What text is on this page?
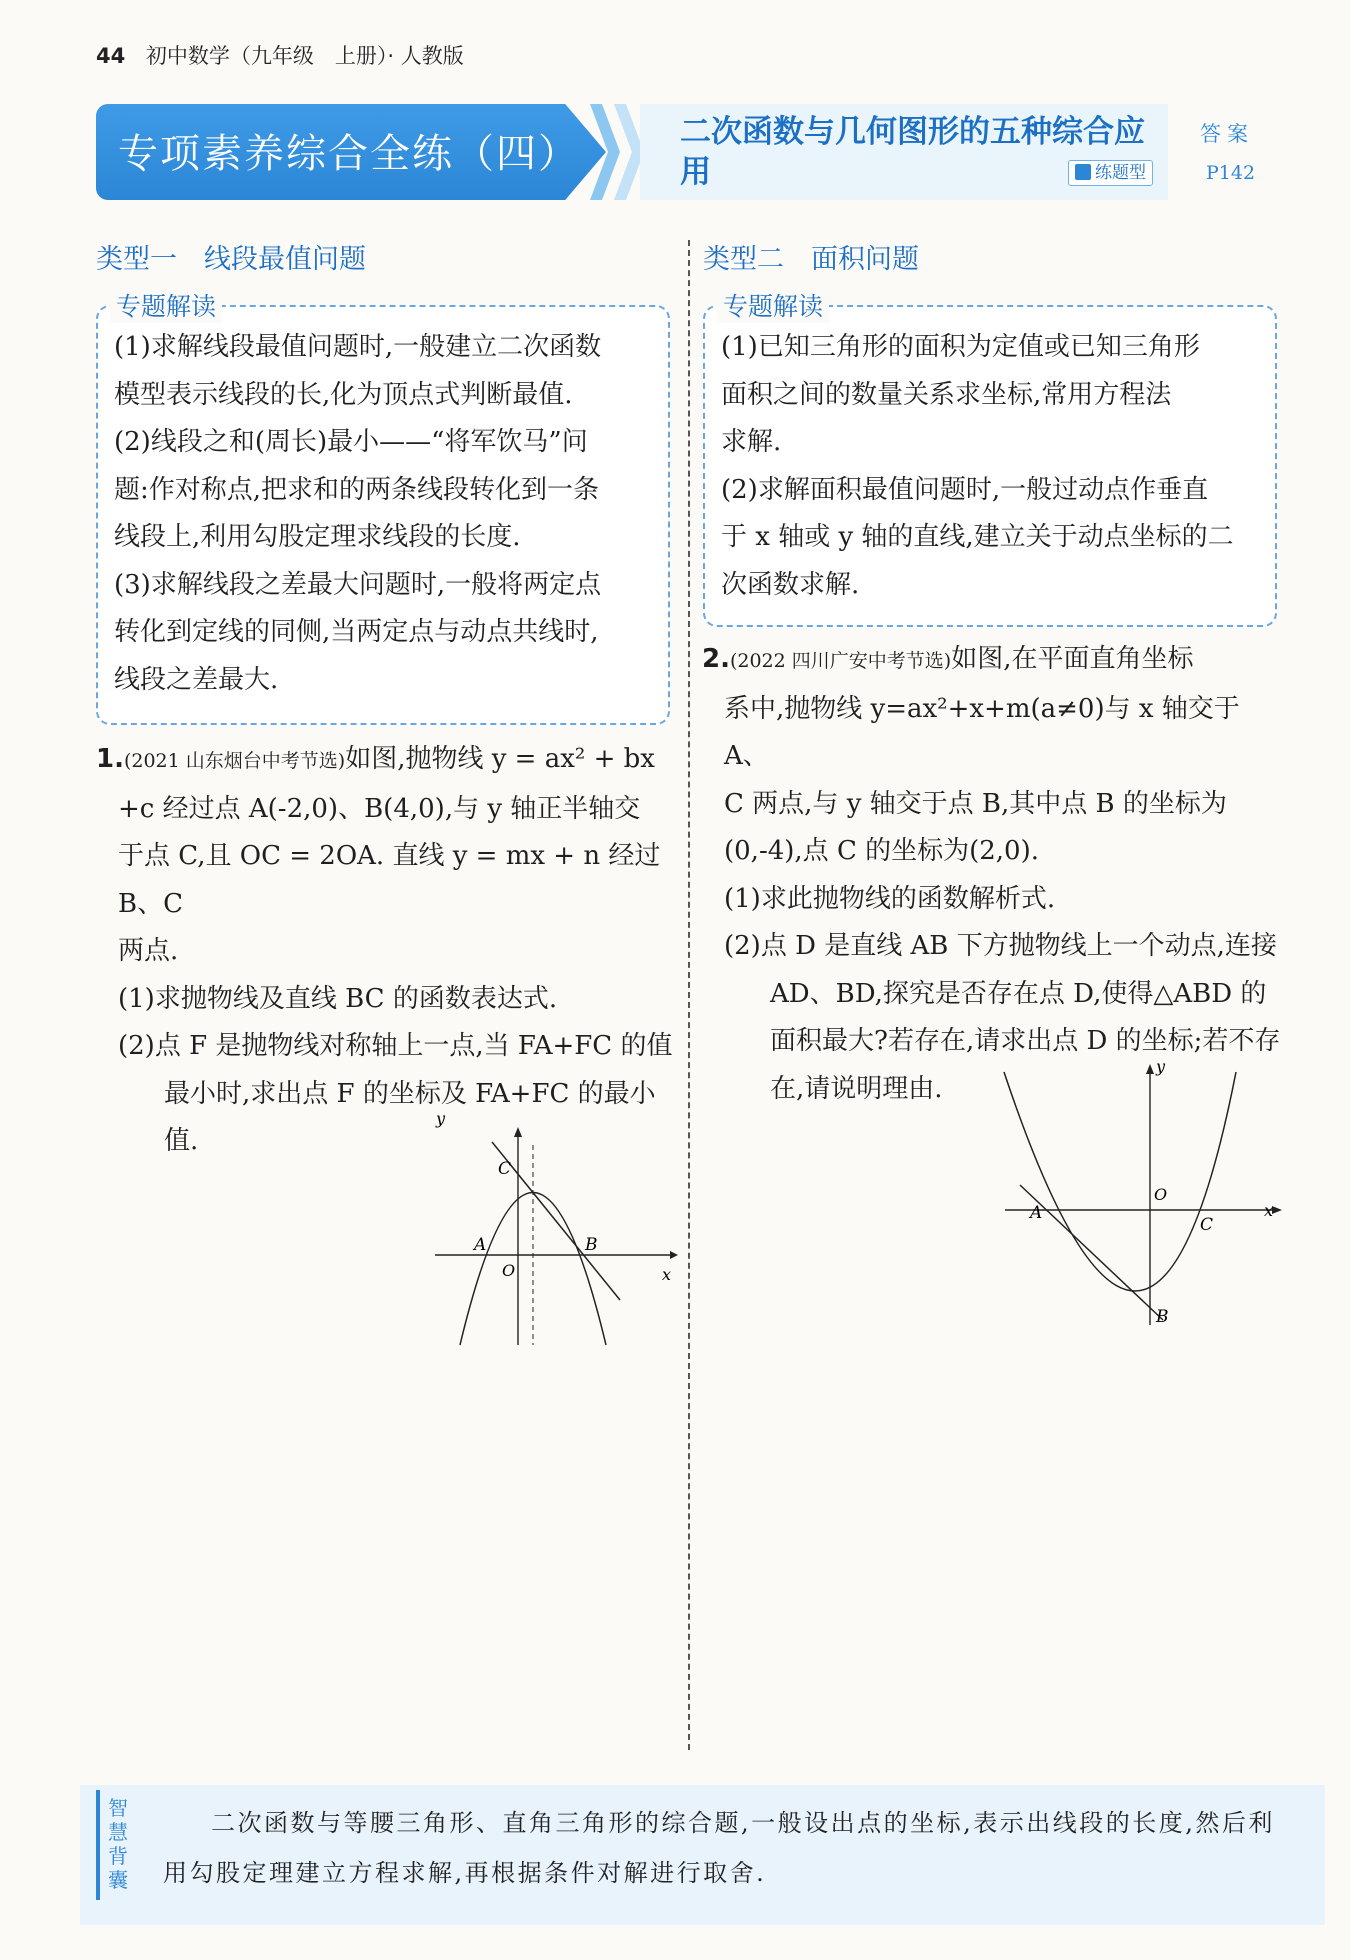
44 初中数学（九年级　上册）· 人教版
专项素养综合全练（四）	二次函数与几何图形的五种综合应用	练题型
答案
P142
类型一　线段最值问题
专题解读
(1)求解线段最值问题时,一般建立二次函数
模型表示线段的长,化为顶点式判断最值.
(2)线段之和(周长)最小——“将军饮马”问
题:作对称点,把求和的两条线段转化到一条
线段上,利用勾股定理求线段的长度.
(3)求解线段之差最大问题时,一般将两定点
转化到定线的同侧,当两定点与动点共线时,
线段之差最大.
类型二　面积问题
专题解读
(1)已知三角形的面积为定值或已知三角形
面积之间的数量关系求坐标,常用方程法
求解.
(2)求解面积最值问题时,一般过动点作垂直
于 x 轴或 y 轴的直线,建立关于动点坐标的二
次函数求解.
1.(2021 山东烟台中考节选)如图,抛物线 y = ax² + bx
+c 经过点 A(-2,0)、B(4,0),与 y 轴正半轴交
于点 C,且 OC = 2OA. 直线 y = mx + n 经过 B、C
两点.
(1)求抛物线及直线 BC 的函数表达式.
(2)点 F 是抛物线对称轴上一点,当 FA+FC 的值最小时,求出点 F 的坐标及 FA+FC 的最小值.
y
x
A	B
C
O
2.(2022 四川广安中考节选)如图,在平面直角坐标
系中,抛物线 y=ax²+x+m(a≠0)与 x 轴交于 A、
C 两点,与 y 轴交于点 B,其中点 B 的坐标为
(0,-4),点 C 的坐标为(2,0).
(1)求此抛物线的函数解析式.
(2)点 D 是直线 AB 下方抛物线上一个动点,连接 AD、BD,探究是否存在点 D,使得△ABD 的面积最大?若存在,请求出点 D 的坐标;若不存在,请说明理由.
y
x
A
B
C
O
智慧背囊
二次函数与等腰三角形、直角三角形的综合题,一般设出点的坐标,表示出线段的长度,然后利用勾股定理建立方程求解,再根据条件对解进行取舍.
